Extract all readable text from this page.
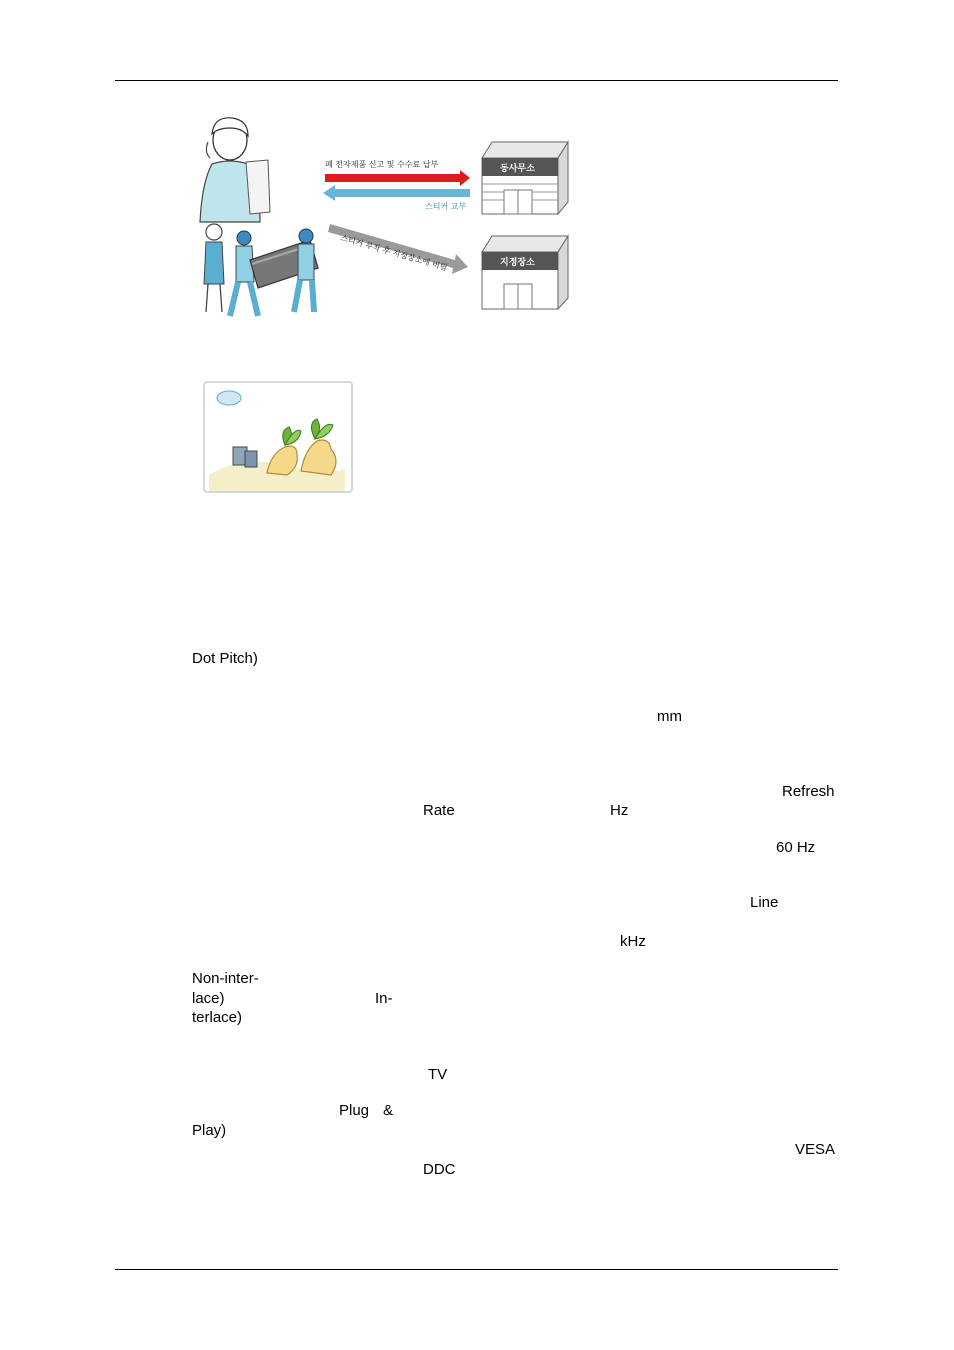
폐 전자제품 신고 및 수수료 납부
스티커 교부
스티커 부착 후 지정장소에 버림
동사무소
지정장소
Dot Pitch)
mm
Refresh
Rate	Hz
60 Hz
Line
kHz
Non-inter-
lace)	In-
terlace)
TV
Plug &
Play)
VESA
DDC
